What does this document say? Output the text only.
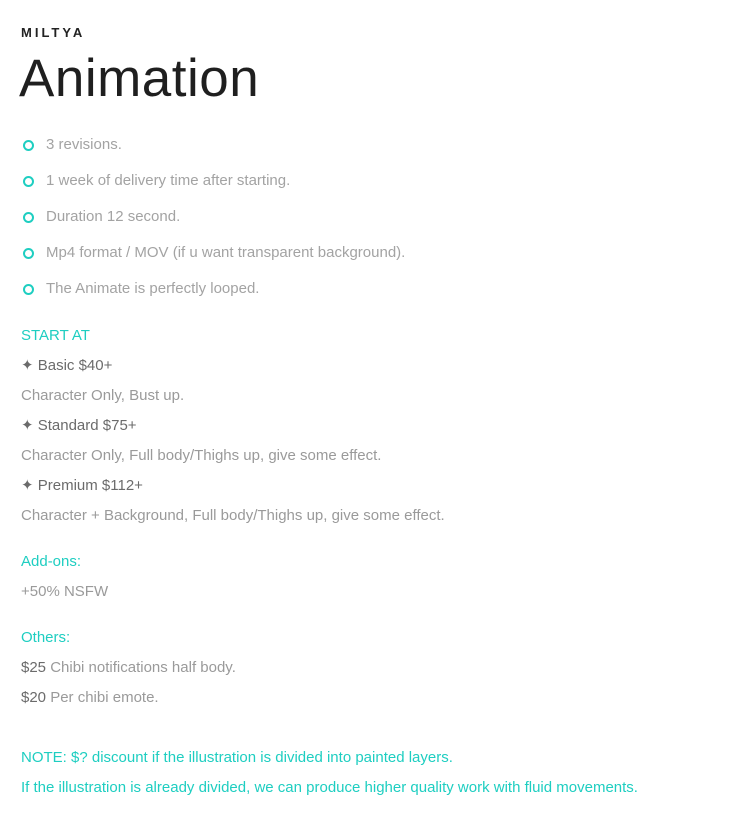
MILTYA
Animation
3 revisions.
1 week of delivery time after starting.
Duration 12 second.
Mp4 format / MOV (if u want transparent background).
The Animate is perfectly looped.
START AT
✦ Basic $40+
Character Only, Bust up.
✦ Standard $75+
Character Only, Full body/Thighs up, give some effect.
✦ Premium $112+
Character + Background, Full body/Thighs up, give some effect.
Add-ons:
+50% NSFW
Others:
$25 Chibi notifications half body.
$20 Per chibi emote.
NOTE: $? discount if the illustration is divided into painted layers.
If the illustration is already divided, we can produce higher quality work with fluid movements.
